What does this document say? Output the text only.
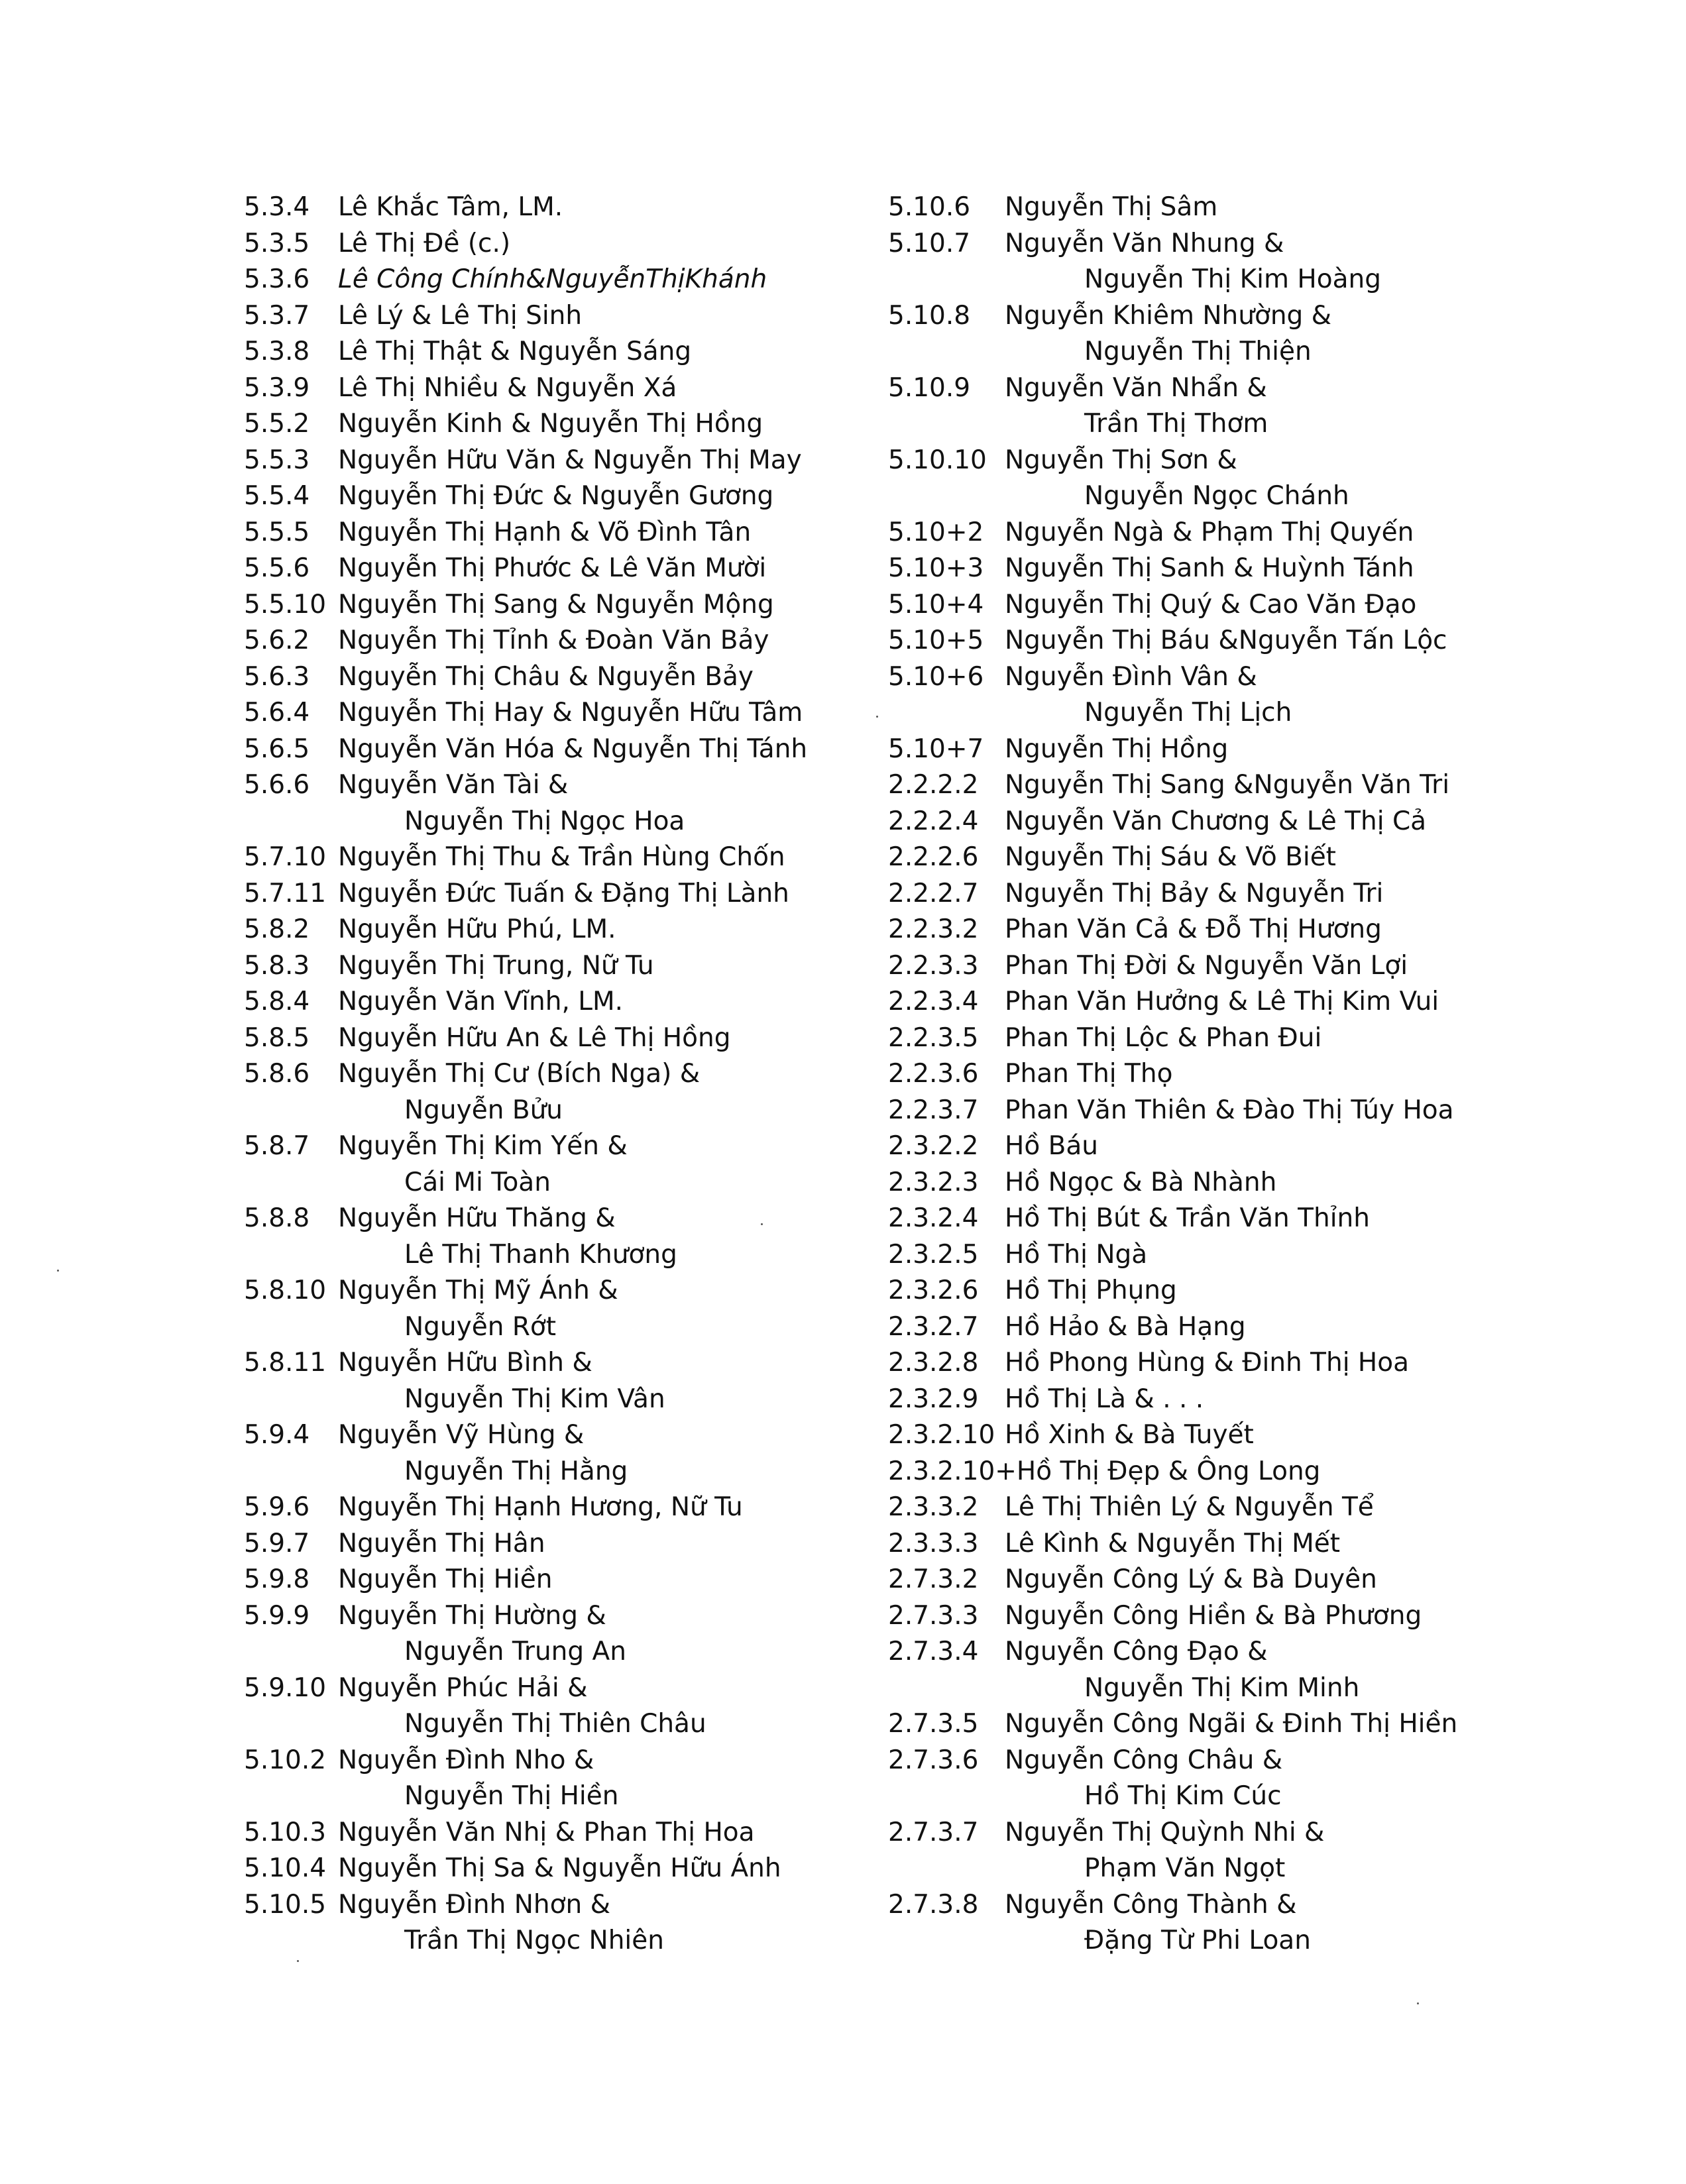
5.3.4	Lê Khắc Tâm, LM.
5.3.5	Lê Thị Đề (c.)
5.3.6	Lê Công Chính&NguyễnThịKhánh
5.3.7	Lê Lý & Lê Thị Sinh
5.3.8	Lê Thị Thật & Nguyễn Sáng
5.3.9	Lê Thị Nhiều & Nguyễn Xá
5.5.2	Nguyễn Kinh & Nguyễn Thị Hồng
5.5.3	Nguyễn Hữu Văn & Nguyễn Thị May
5.5.4	Nguyễn Thị Đức & Nguyễn Gương
5.5.5	Nguyễn Thị Hạnh & Võ Đình Tân
5.5.6	Nguyễn Thị Phước & Lê Văn Mười
5.5.10 Nguyễn Thị Sang & Nguyễn Mộng
5.6.2	Nguyễn Thị Tỉnh & Đoàn Văn Bảy
5.6.3	Nguyễn Thị Châu & Nguyễn Bảy
5.6.4	Nguyễn Thị Hay & Nguyễn Hữu Tâm
5.6.5	Nguyễn Văn Hóa & Nguyễn Thị Tánh
5.6.6	Nguyễn Văn Tài &
Nguyễn Thị Ngọc Hoa
5.7.10 Nguyễn Thị Thu & Trần Hùng Chốn
5.7.11 Nguyễn Đức Tuấn & Đặng Thị Lành
5.8.2	Nguyễn Hữu Phú, LM.
5.8.3	Nguyễn Thị Trung, Nữ Tu
5.8.4	Nguyễn Văn Vĩnh, LM.
5.8.5	Nguyễn Hữu An & Lê Thị Hồng
5.8.6	Nguyễn Thị Cư (Bích Nga) &
Nguyễn Bửu
5.8.7	Nguyễn Thị Kim Yến &
Cái Mi Toàn
5.8.8	Nguyễn Hữu Thăng &
Lê Thị Thanh Khương
5.8.10 Nguyễn Thị Mỹ Ánh &
Nguyễn Rớt
5.8.11 Nguyễn Hữu Bình &
Nguyễn Thị Kim Vân
5.9.4	Nguyễn Vỹ Hùng &
Nguyễn Thị Hằng
5.9.6	Nguyễn Thị Hạnh Hương, Nữ Tu
5.9.7	Nguyễn Thị Hân
5.9.8	Nguyễn Thị Hiền
5.9.9	Nguyễn Thị Hường &
Nguyễn Trung An
5.9.10 Nguyễn Phúc Hải &
Nguyễn Thị Thiên Châu
5.10.2 Nguyễn Đình Nho &
Nguyễn Thị Hiền
5.10.3 Nguyễn Văn Nhị & Phan Thị Hoa
5.10.4 Nguyễn Thị Sa & Nguyễn Hữu Ánh
5.10.5 Nguyễn Đình Nhơn &
Trần Thị Ngọc Nhiên
5.10.6	Nguyễn Thị Sâm
5.10.7	Nguyễn Văn Nhung &
Nguyễn Thị Kim Hoàng
5.10.8	Nguyễn Khiêm Nhường &
Nguyễn Thị Thiện
5.10.9	Nguyễn Văn Nhẩn &
Trần Thị Thơm
5.10.10 Nguyễn Thị Sơn &
Nguyễn Ngọc Chánh
5.10+2 Nguyễn Ngà & Phạm Thị Quyến
5.10+3 Nguyễn Thị Sanh & Huỳnh Tánh
5.10+4 Nguyễn Thị Quý & Cao Văn Đạo
5.10+5 Nguyễn Thị Báu &Nguyễn Tấn Lộc
5.10+6 Nguyễn Đình Vân &
Nguyễn Thị Lịch
5.10+7 Nguyễn Thị Hồng
2.2.2.2	Nguyễn Thị Sang &Nguyễn Văn Tri
2.2.2.4	Nguyễn Văn Chương & Lê Thị Cả
2.2.2.6	Nguyễn Thị Sáu & Võ Biết
2.2.2.7	Nguyễn Thị Bảy & Nguyễn Tri
2.2.3.2	Phan Văn Cả & Đỗ Thị Hương
2.2.3.3	Phan Thị Đời & Nguyễn Văn Lợi
2.2.3.4	Phan Văn Hưởng & Lê Thị Kim Vui
2.2.3.5	Phan Thị Lộc & Phan Đui
2.2.3.6	Phan Thị Thọ
2.2.3.7	Phan Văn Thiên & Đào Thị Túy Hoa
2.3.2.2	Hồ Báu
2.3.2.3	Hồ Ngọc & Bà Nhành
2.3.2.4	Hồ Thị Bút & Trần Văn Thỉnh
2.3.2.5	Hồ Thị Ngà
2.3.2.6	Hồ Thị Phụng
2.3.2.7	Hồ Hảo & Bà Hạng
2.3.2.8	Hồ Phong Hùng & Đinh Thị Hoa
2.3.2.9	Hồ Thị Là & . . .
2.3.2.10 Hồ Xinh & Bà Tuyết
2.3.2.10+Hồ Thị Đẹp & Ông Long
2.3.3.2	Lê Thị Thiên Lý & Nguyễn Tể
2.3.3.3	Lê Kình & Nguyễn Thị Mết
2.7.3.2	Nguyễn Công Lý & Bà Duyên
2.7.3.3	Nguyễn Công Hiền & Bà Phương
2.7.3.4	Nguyễn Công Đạo &
Nguyễn Thị Kim Minh
2.7.3.5	Nguyễn Công Ngãi & Đinh Thị Hiền
2.7.3.6	Nguyễn Công Châu &
Hồ Thị Kim Cúc
2.7.3.7	Nguyễn Thị Quỳnh Nhi &
Phạm Văn Ngọt
2.7.3.8	Nguyễn Công Thành &
Đặng Từ Phi Loan
